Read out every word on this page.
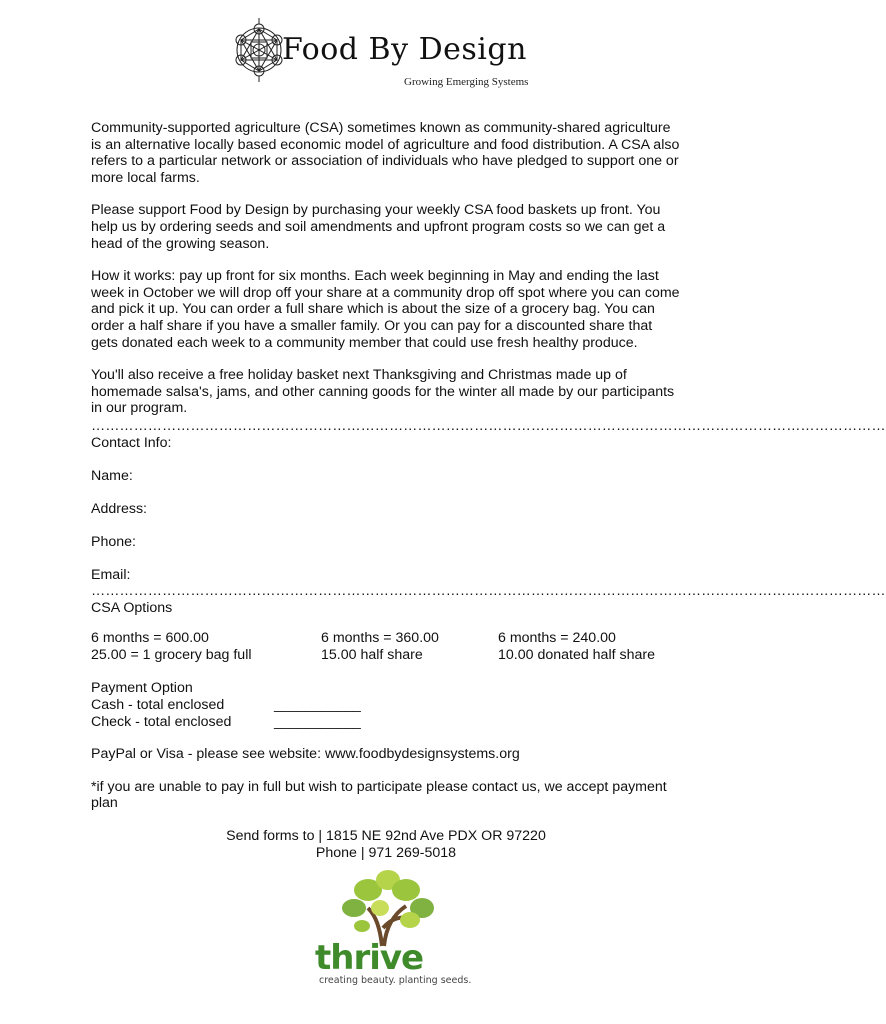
Food By Design
Growing Emerging Systems

Community-supported agriculture (CSA) sometimes known as community-shared agriculture is an alternative locally based economic model of agriculture and food distribution. A CSA also refers to a particular network or association of individuals who have pledged to support one or more local farms.

Please support Food by Design by purchasing your weekly CSA food baskets up front. You help us by ordering seeds and soil amendments and upfront program costs so we can get a head of the growing season.

How it works: pay up front for six months. Each week beginning in May and ending the last week in October we will drop off your share at a community drop off spot where you can come and pick it up. You can order a full share which is about the size of a grocery bag. You can order a half share if you have a smaller family. Or you can pay for a discounted share that gets donated each week to a community member that could use fresh healthy produce.

You'll also receive a free holiday basket next Thanksgiving and Christmas made up of homemade salsa's, jams, and other canning goods for the winter all made by our participants in our program.

……………………………………………………………………………………………………………………………………………………
Contact Info:
Name:
Address:
Phone:
Email:
……………………………………………………………………………………………………………………………………………………
CSA Options
6 months = 600.00
25.00 = 1 grocery bag full
6 months = 360.00
15.00 half share
6 months = 240.00
10.00 donated half share
Payment Option
Cash - total enclosed	___________
Check - total enclosed	___________

PayPal or Visa - please see website: www.foodbydesignsystems.org

*if you are unable to pay in full but wish to participate please contact us, we accept payment plan

Send forms to | 1815 NE 92nd Ave PDX OR 97220
Phone | 971 269-5018
thrive
creating beauty. planting seeds.
